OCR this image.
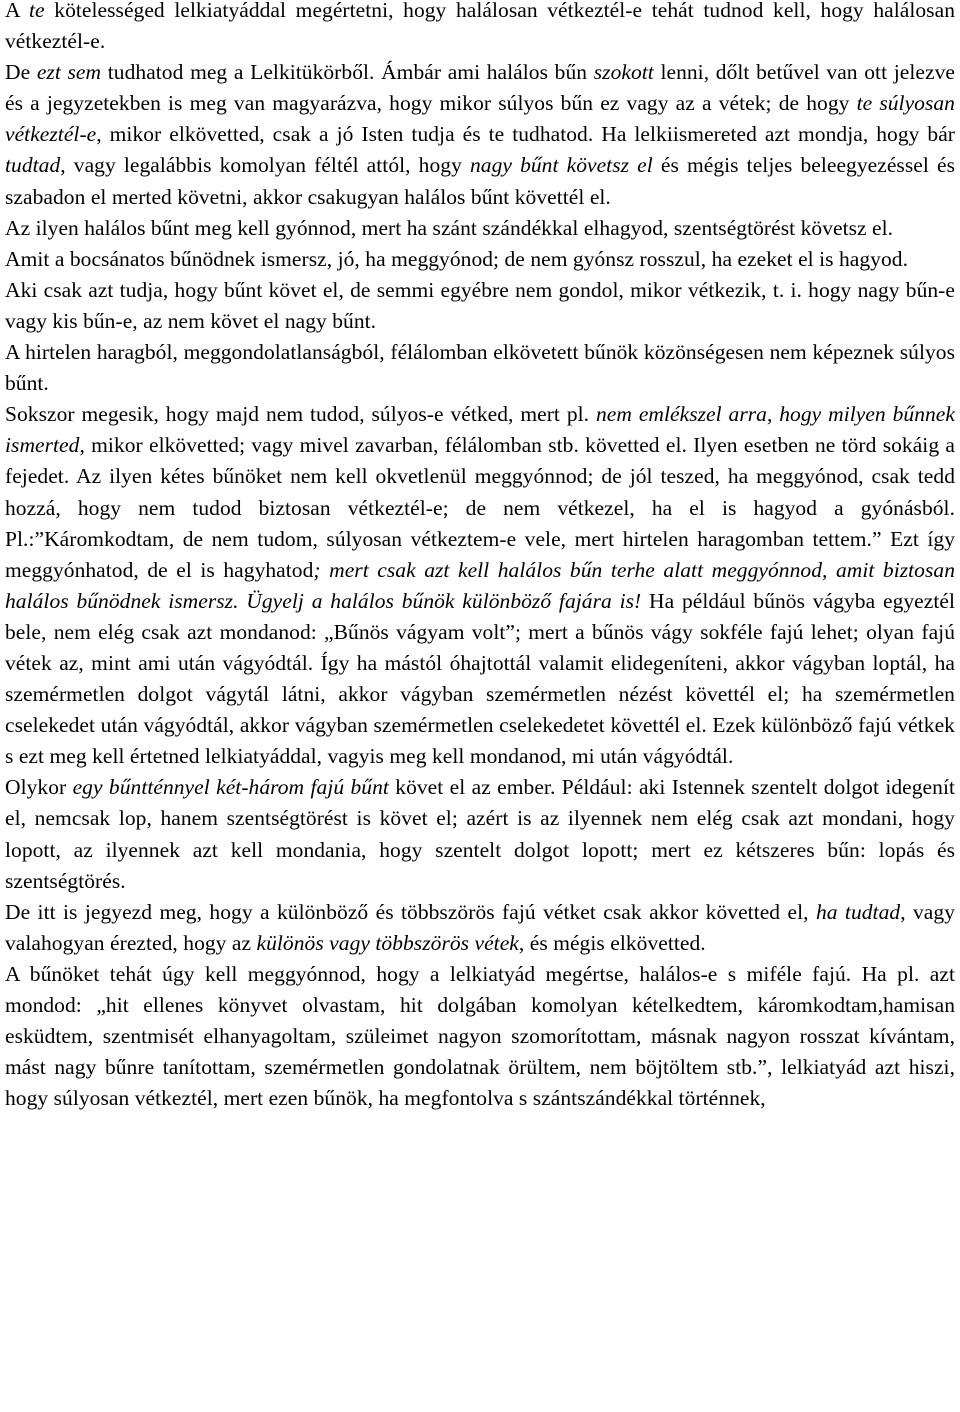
A te kötelességed lelkiatyáddal megértetni, hogy halálosan vétkeztél-e tehát tudnod kell, hogy halálosan vétkeztél-e.

De ezt sem tudhatod meg a Lelkitükörből. Ámbár ami halálos bűn szokott lenni, dőlt betűvel van ott jelezve és a jegyzetekben is meg van magyarázva, hogy mikor súlyos bűn ez vagy az a vétek; de hogy te súlyosan vétkeztél-e, mikor elkövetted, csak a jó Isten tudja és te tudhatod. Ha lelkiismereted azt mondja, hogy bár tudtad, vagy legalábbis komolyan féltél attól, hogy nagy bűnt követsz el és mégis teljes beleegyezéssel és szabadon el merted követni, akkor csakugyan halálos bűnt követtél el.

Az ilyen halálos bűnt meg kell gyónnod, mert ha szánt szándékkal elhagyod, szentségtörést követsz el.

Amit a bocsánatos bűnödnek ismersz, jó, ha meggyónod; de nem gyónsz rosszul, ha ezeket el is hagyod.

Aki csak azt tudja, hogy bűnt követ el, de semmi egyébre nem gondol, mikor vétkezik, t. i. hogy nagy bűn-e vagy kis bűn-e, az nem követ el nagy bűnt.

A hirtelen haragból, meggondolatlanságból, félálomban elkövetett bűnök közönségesen nem képeznek súlyos bűnt.

Sokszor megesik, hogy majd nem tudod, súlyos-e vétked, mert pl. nem emlékszel arra, hogy milyen bűnnek ismerted, mikor elkövetted; vagy mivel zavarban, félálomban stb. követted el. Ilyen esetben ne törd sokáig a fejedet. Az ilyen kétes bűnöket nem kell okvetlenül meggyónnod; de jól teszed, ha meggyónod, csak tedd hozzá, hogy nem tudod biztosan vétkeztél-e; de nem vétkezel, ha el is hagyod a gyónásból. Pl.:”Káromkodtam, de nem tudom, súlyosan vétkeztem-e vele, mert hirtelen haragomban tettem.” Ezt így meggyónhatod, de el is hagyhatod; mert csak azt kell halálos bűn terhe alatt meggyónnod, amit biztosan halálos bűnödnek ismersz. Ügyelj a halálos bűnök különböző fajára is! Ha például bűnös vágyba egyeztél bele, nem elég csak azt mondanod: „Bűnös vágyam volt”; mert a bűnös vágy sokféle fajú lehet; olyan fajú vétek az, mint ami után vágyódtál. Így ha mástól óhajtottál valamit elidegeníteni, akkor vágyban loptál, ha szemérmetlen dolgot vágytál látni, akkor vágyban szemérmetlen nézést követtél el; ha szemérmetlen cselekedet után vágyódtál, akkor vágyban szemérmetlen cselekedetet követtél el. Ezek különböző fajú vétkek s ezt meg kell értetned lelkiatyáddal, vagyis meg kell mondanod, mi után vágyódtál.

Olykor egy bűntténnyel két-három fajú bűnt követ el az ember. Például: aki Istennek szentelt dolgot idegenít el, nemcsak lop, hanem szentségtörést is követ el; azért is az ilyennek nem elég csak azt mondani, hogy lopott, az ilyennek azt kell mondania, hogy szentelt dolgot lopott; mert ez kétszeres bűn: lopás és szentségtörés.

De itt is jegyezd meg, hogy a különböző és többszörös fajú vétket csak akkor követted el, ha tudtad, vagy valahogyan érezted, hogy az különös vagy többszörös vétek, és mégis elkövetted.

A bűnöket tehát úgy kell meggyónnod, hogy a lelkiatyád megértse, halálos-e s miféle fajú. Ha pl. azt mondod: „hit ellenes könyvet olvastam, hit dolgában komolyan kételkedtem, káromkodtam,hamisan esküdtem, szentmisét elhanyagoltam, szüleimet nagyon szomorítottam, másnak nagyon rosszat kívántam, mást nagy bűnre tanítottam, szemérmetlen gondolatnak örültem, nem böjtöltem stb.”, lelkiatyád azt hiszi, hogy súlyosan vétkeztél, mert ezen bűnök, ha megfontolva s szántszándékkal történnek,
